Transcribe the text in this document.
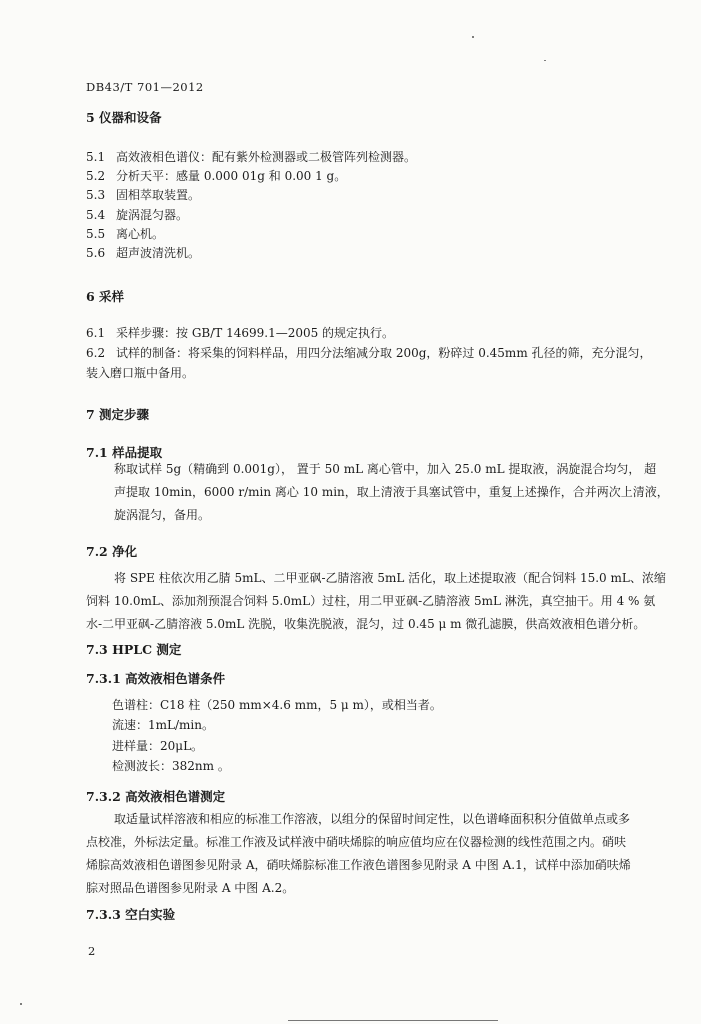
DB43/T 701—2012
5 仪器和设备
5.1 高效液相色谱仪：配有紫外检测器或二极管阵列检测器。
5.2 分析天平：感量 0.000 01g 和 0.00 1 g。
5.3 固相萃取装置。
5.4 旋涡混匀器。
5.5 离心机。
5.6 超声波清洗机。
6 采样
6.1 采样步骤：按 GB/T 14699.1—2005 的规定执行。
6.2 试样的制备：将采集的饲料样品，用四分法缩减分取 200g，粉碎过 0.45mm 孔径的筛，充分混匀，
装入磨口瓶中备用。
7 测定步骤
7.1 样品提取
称取试样 5g（精确到 0.001g）， 置于 50 mL 离心管中，加入 25.0 mL 提取液，涡旋混合均匀， 超
声提取 10min，6000 r/min 离心 10 min，取上清液于具塞试管中，重复上述操作，合并两次上清液，
旋涡混匀，备用。
7.2 净化
将 SPE 柱依次用乙腈 5mL、二甲亚砜-乙腈溶液 5mL 活化，取上述提取液（配合饲料 15.0 mL、浓缩
饲料 10.0mL、添加剂预混合饲料 5.0mL）过柱，用二甲亚砜-乙腈溶液 5mL 淋洗，真空抽干。用 4 % 氨
水-二甲亚砜-乙腈溶液 5.0mL 洗脱，收集洗脱液，混匀，过 0.45 μ m 微孔滤膜，供高效液相色谱分析。
7.3 HPLC 测定
7.3.1 高效液相色谱条件
色谱柱：C18 柱（250 mm×4.6 mm，5 μ m），或相当者。
流速：1mL/min。
进样量：20μL。
检测波长：382nm 。
7.3.2 高效液相色谱测定
取适量试样溶液和相应的标准工作溶液，以组分的保留时间定性，以色谱峰面积积分值做单点或多
点校准，外标法定量。标准工作液及试样液中硝呋烯腙的响应值均应在仪器检测的线性范围之内。硝呋
烯腙高效液相色谱图参见附录 A，硝呋烯腙标准工作液色谱图参见附录 A 中图 A.1，试样中添加硝呋烯
腙对照品色谱图参见附录 A 中图 A.2。
7.3.3 空白实验
2
